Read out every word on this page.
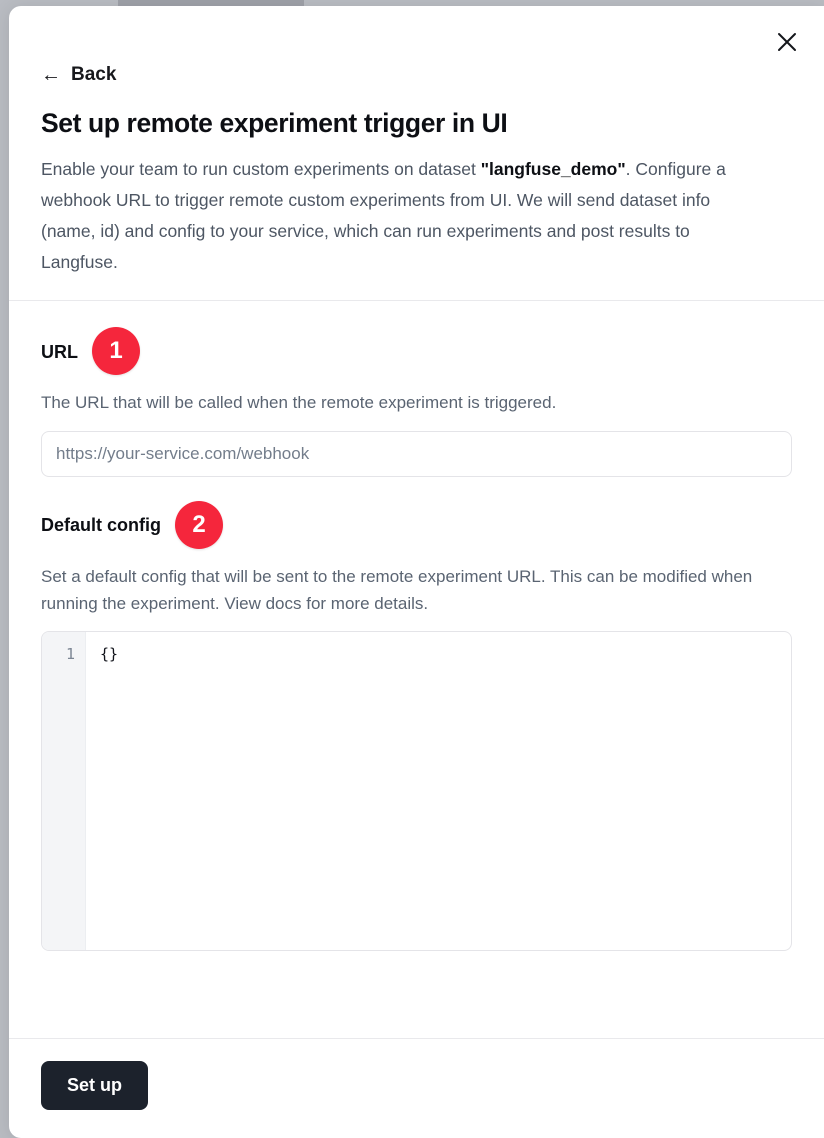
← Back
Set up remote experiment trigger in UI

Enable your team to run custom experiments on dataset "langfuse_demo". Configure a webhook URL to trigger remote custom experiments from UI. We will send dataset info (name, id) and config to your service, which can run experiments and post results to Langfuse.

URL	1

The URL that will be called when the remote experiment is triggered.

https://your-service.com/webhook
Default config	2

Set a default config that will be sent to the remote experiment URL. This can be modified when running the experiment. View docs for more details.

1	{}
Set up
